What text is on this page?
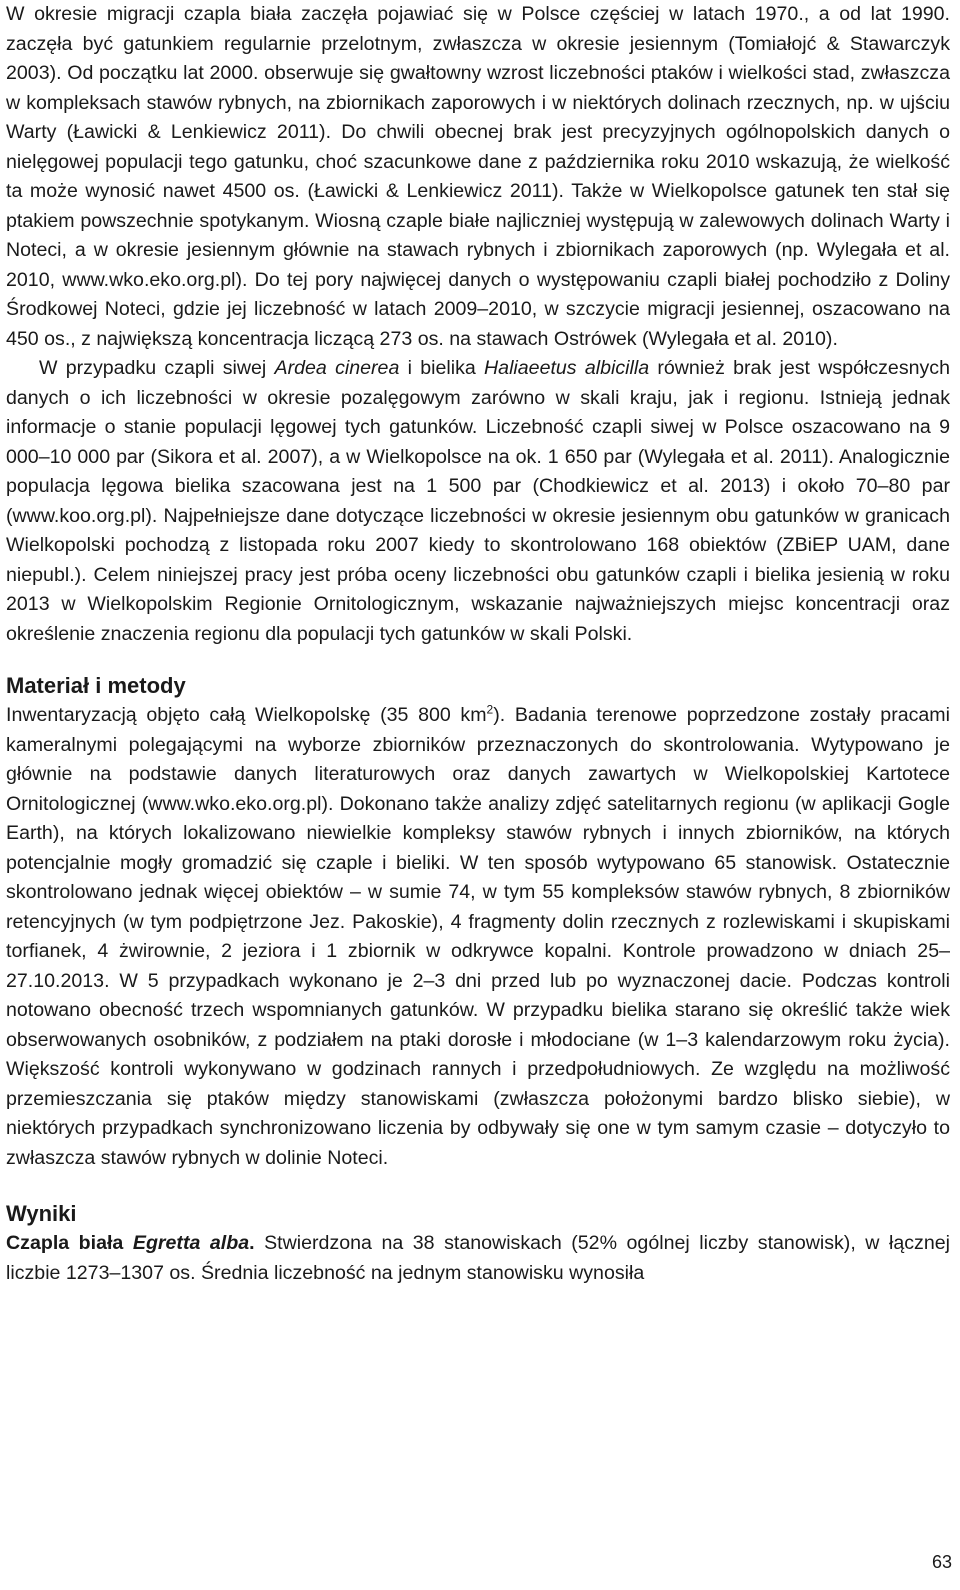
W okresie migracji czapla biała zaczęła pojawiać się w Polsce częściej w latach 1970., a od lat 1990. zaczęła być gatunkiem regularnie przelotnym, zwłaszcza w okresie jesiennym (Tomiałojć & Stawarczyk 2003). Od początku lat 2000. obserwuje się gwałtowny wzrost liczebności ptaków i wielkości stad, zwłaszcza w kompleksach stawów rybnych, na zbiornikach zaporowych i w niektórych dolinach rzecznych, np. w ujściu Warty (Ławicki & Lenkiewicz 2011). Do chwili obecnej brak jest precyzyjnych ogólnopolskich danych o nielęgowej populacji tego gatunku, choć szacunkowe dane z października roku 2010 wskazują, że wielkość ta może wynosić nawet 4500 os. (Ławicki & Lenkiewicz 2011). Także w Wielkopolsce gatunek ten stał się ptakiem powszechnie spotykanym. Wiosną czaple białe najliczniej występują w zalewowych dolinach Warty i Noteci, a w okresie jesiennym głównie na stawach rybnych i zbiornikach zaporowych (np. Wylegała et al. 2010, www.wko.eko.org.pl). Do tej pory najwięcej danych o występowaniu czapli białej pochodziło z Doliny Środkowej Noteci, gdzie jej liczebność w latach 2009–2010, w szczycie migracji jesiennej, oszacowano na 450 os., z największą koncentracja liczącą 273 os. na stawach Ostrówek (Wylegała et al. 2010).

W przypadku czapli siwej Ardea cinerea i bielika Haliaeetus albicilla również brak jest współczesnych danych o ich liczebności w okresie pozalęgowym zarówno w skali kraju, jak i regionu. Istnieją jednak informacje o stanie populacji lęgowej tych gatunków. Liczebność czapli siwej w Polsce oszacowano na 9 000–10 000 par (Sikora et al. 2007), a w Wielkopolsce na ok. 1 650 par (Wylegała et al. 2011). Analogicznie populacja lęgowa bielika szacowana jest na 1 500 par (Chodkiewicz et al. 2013) i około 70–80 par (www.koo.org.pl). Najpełniejsze dane dotyczące liczebności w okresie jesiennym obu gatunków w granicach Wielkopolski pochodzą z listopada roku 2007 kiedy to skontrolowano 168 obiektów (ZBiEP UAM, dane niepubl.). Celem niniejszej pracy jest próba oceny liczebności obu gatunków czapli i bielika jesienią w roku 2013 w Wielkopolskim Regionie Ornitologicznym, wskazanie najważniejszych miejsc koncentracji oraz określenie znaczenia regionu dla populacji tych gatunków w skali Polski.

Materiał i metody

Inwentaryzacją objęto całą Wielkopolskę (35 800 $km^2$). Badania terenowe poprzedzone zostały pracami kameralnymi polegającymi na wyborze zbiorników przeznaczonych do skontrolowania. Wytypowano je głównie na podstawie danych literaturowych oraz danych zawartych w Wielkopolskiej Kartotece Ornitologicznej (www.wko.eko.org.pl). Dokonano także analizy zdjęć satelitarnych regionu (w aplikacji Gogle Earth), na których lokalizowano niewielkie kompleksy stawów rybnych i innych zbiorników, na których potencjalnie mogły gromadzić się czaple i bieliki. W ten sposób wytypowano 65 stanowisk. Ostatecznie skontrolowano jednak więcej obiektów – w sumie 74, w tym 55 kompleksów stawów rybnych, 8 zbiorników retencyjnych (w tym podpiętrzone Jez. Pakoskie), 4 fragmenty dolin rzecznych z rozlewiskami i skupiskami torfianek, 4 żwirownie, 2 jeziora i 1 zbiornik w odkrywce kopalni. Kontrole prowadzono w dniach 25–27.10.2013. W 5 przypadkach wykonano je 2–3 dni przed lub po wyznaczonej dacie. Podczas kontroli notowano obecność trzech wspomnianych gatunków. W przypadku bielika starano się określić także wiek obserwowanych osobników, z podziałem na ptaki dorosłe i młodociane (w 1–3 kalendarzowym roku życia). Większość kontroli wykonywano w godzinach rannych i przedpołudniowych. Ze względu na możliwość przemieszczania się ptaków między stanowiskami (zwłaszcza położonymi bardzo blisko siebie), w niektórych przypadkach synchronizowano liczenia by odbywały się one w tym samym czasie – dotyczyło to zwłaszcza stawów rybnych w dolinie Noteci.

Wyniki

Czapla biała Egretta alba. Stwierdzona na 38 stanowiskach (52% ogólnej liczby stanowisk), w łącznej liczbie 1273–1307 os. Średnia liczebność na jednym stanowisku wynosiła

63
